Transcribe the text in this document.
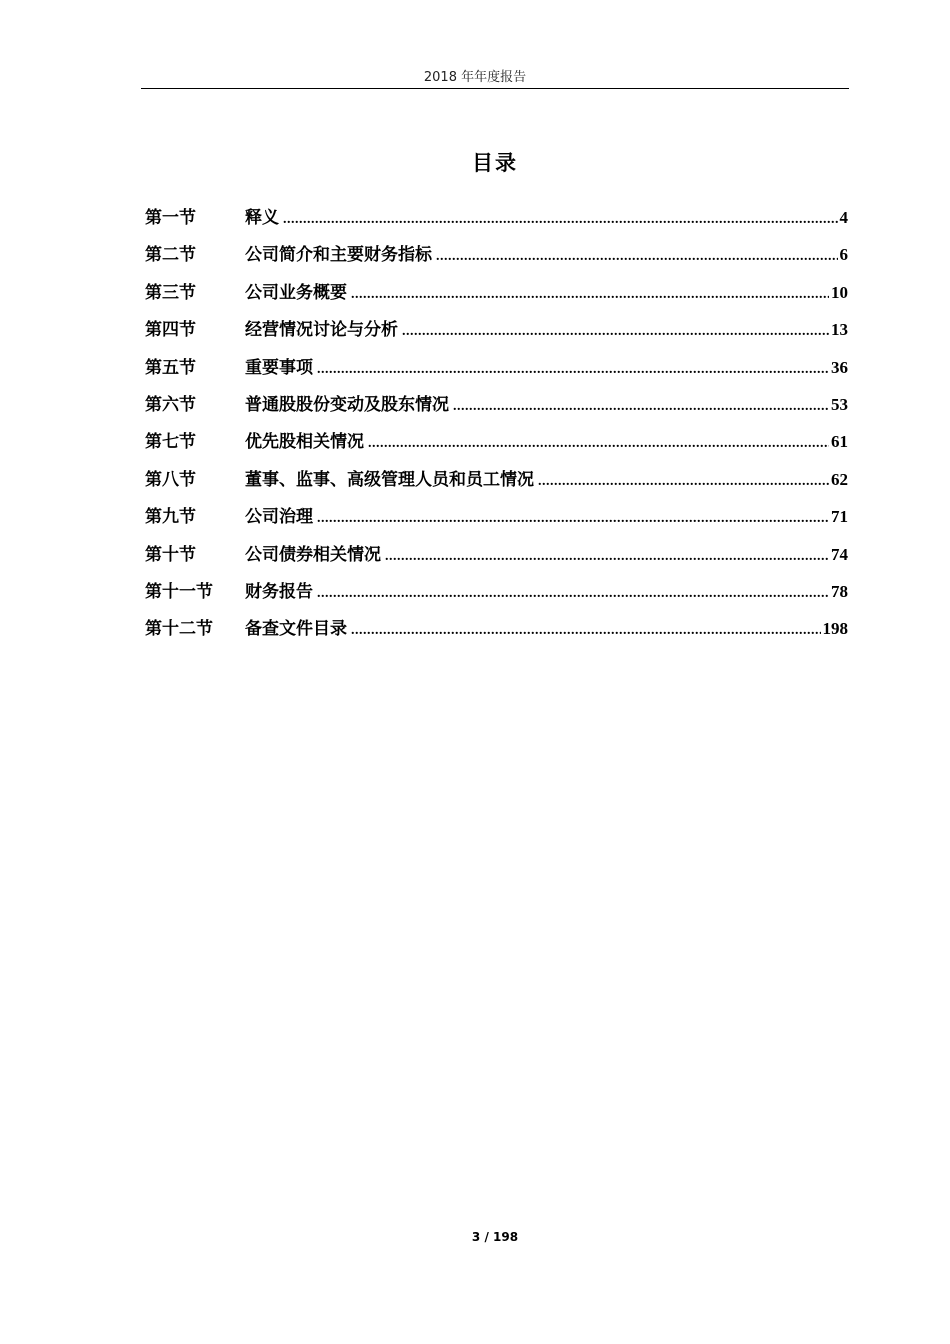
2018 年年度报告
目录
第一节	释义 .....	4
第二节	公司简介和主要财务指标 .....	6
第三节	公司业务概要 .....	10
第四节	经营情况讨论与分析 .....	13
第五节	重要事项 .....	36
第六节	普通股股份变动及股东情况 .....	53
第七节	优先股相关情况 .....	61
第八节	董事、监事、高级管理人员和员工情况 .....	62
第九节	公司治理 .....	71
第十节	公司债券相关情况 .....	74
第十一节	财务报告 .....	78
第十二节	备查文件目录 .....	198
3 / 198
